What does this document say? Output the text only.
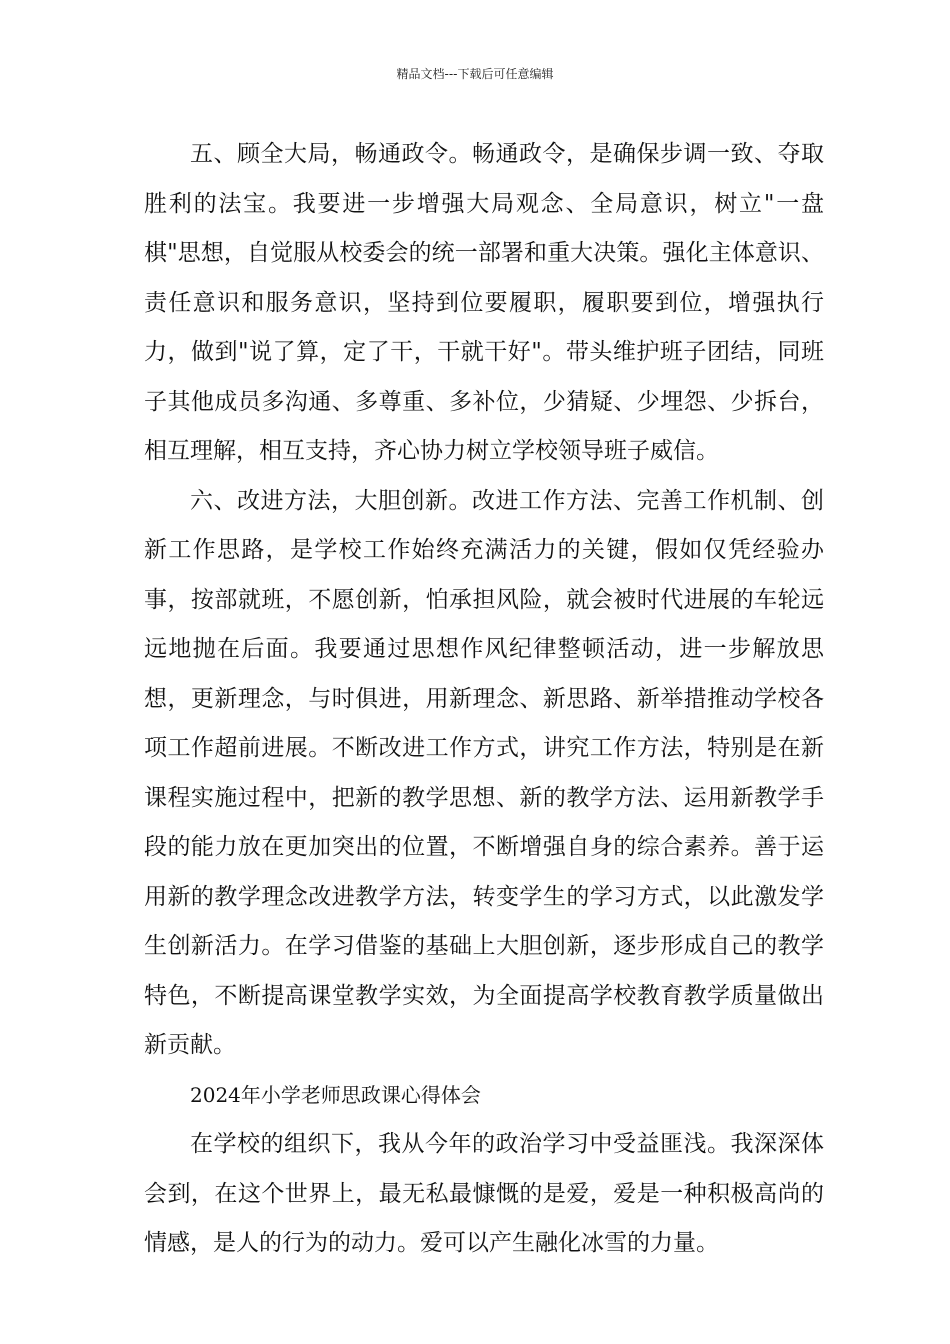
精品文档---下载后可任意编辑

五、顾全大局，畅通政令。畅通政令，是确保步调一致、夺取胜利的法宝。我要进一步增强大局观念、全局意识，树立"一盘棋"思想，自觉服从校委会的统一部署和重大决策。强化主体意识、责任意识和服务意识，坚持到位要履职，履职要到位，增强执行力，做到"说了算，定了干，干就干好"。带头维护班子团结，同班子其他成员多沟通、多尊重、多补位，少猜疑、少埋怨、少拆台，相互理解，相互支持，齐心协力树立学校领导班子威信。

六、改进方法，大胆创新。改进工作方法、完善工作机制、创新工作思路，是学校工作始终充满活力的关键，假如仅凭经验办事，按部就班，不愿创新，怕承担风险，就会被时代进展的车轮远远地抛在后面。我要通过思想作风纪律整顿活动，进一步解放思想，更新理念，与时俱进，用新理念、新思路、新举措推动学校各项工作超前进展。不断改进工作方式，讲究工作方法，特别是在新课程实施过程中，把新的教学思想、新的教学方法、运用新教学手段的能力放在更加突出的位置，不断增强自身的综合素养。善于运用新的教学理念改进教学方法，转变学生的学习方式，以此激发学生创新活力。在学习借鉴的基础上大胆创新，逐步形成自己的教学特色，不断提高课堂教学实效，为全面提高学校教育教学质量做出新贡献。

2024年小学老师思政课心得体会

在学校的组织下，我从今年的政治学习中受益匪浅。我深深体会到，在这个世界上，最无私最慷慨的是爱，爱是一种积极高尚的情感，是人的行为的动力。爱可以产生融化冰雪的力量。
